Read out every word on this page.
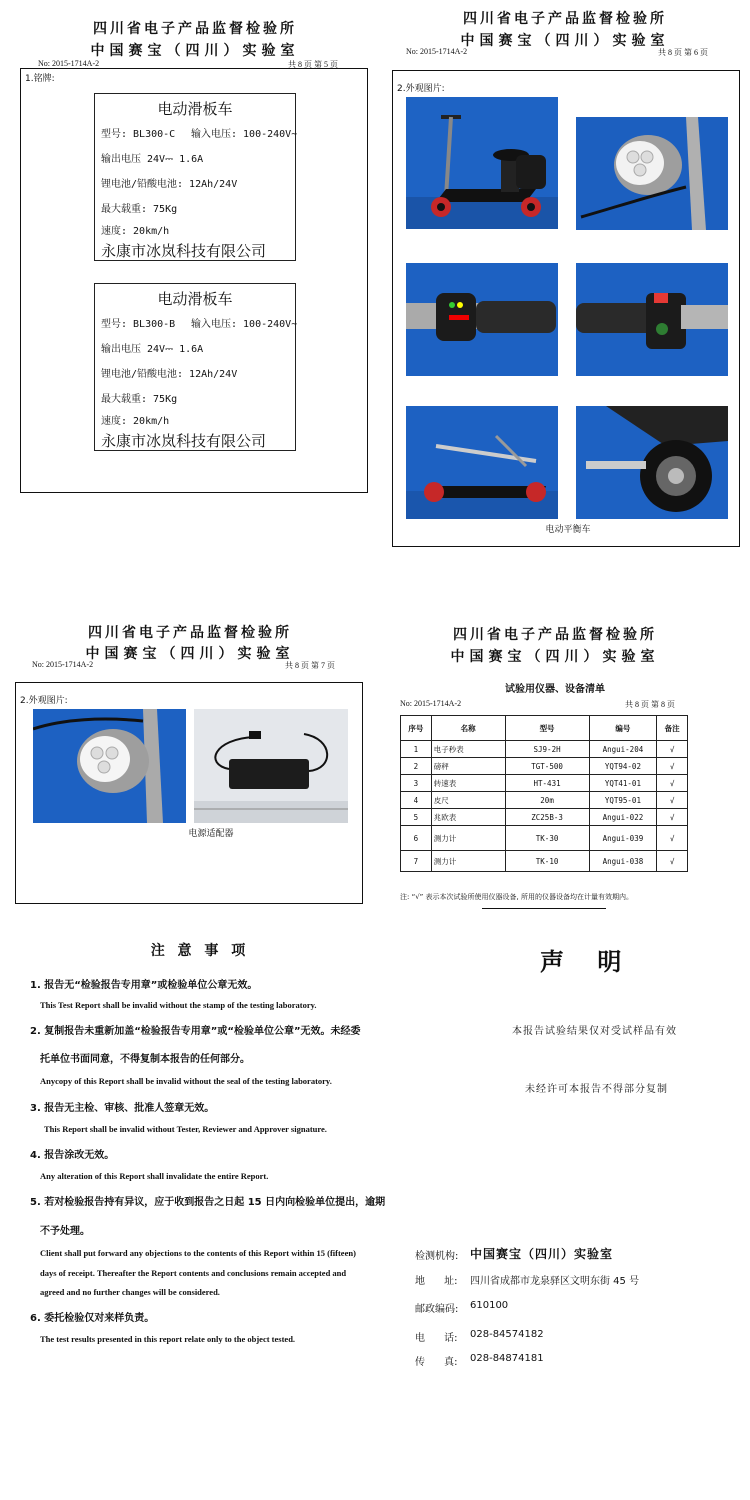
四川省电子产品监督检验所
中国赛宝（四川）实验室
No: 2015-1714A-2	共 8 页 第 5 页
1.铭牌:
电动滑板车
型号: BL300-C 输入电压: 100-240V~
输出电压 24V⎓ 1.6A
锂电池/铅酸电池: 12Ah/24V
最大载重: 75Kg
速度: 20km/h
永康市冰岚科技有限公司
电动滑板车
型号: BL300-B 输入电压: 100-240V~
输出电压 24V⎓ 1.6A
锂电池/铅酸电池: 12Ah/24V
最大载重: 75Kg
速度: 20km/h
永康市冰岚科技有限公司
四川省电子产品监督检验所
中国赛宝（四川）实验室
No: 2015-1714A-2	共 8 页 第 6 页
2.外观图片:
电动平衡车
四川省电子产品监督检验所
中国赛宝（四川）实验室
No: 2015-1714A-2	共 8 页 第 7 页
2.外观图片:
电源适配器
四川省电子产品监督检验所
中国赛宝（四川）实验室
试验用仪器、设备清单
No: 2015-1714A-2	共 8 页 第 8 页
序号	名称	型号	编号	备注
1	电子秒表	SJ9-2H	Angui-204	√
2	磅秤	TGT-500	YQT94-02	√
3	转速表	HT-431	YQT41-01	√
4	皮尺	20m	YQT95-01	√
5	兆欧表	ZC25B-3	Angui-022	√
6	测力计	TK-30	Angui-039	√
7	测力计	TK-10	Angui-038	√
注: “√” 表示本次试验所使用仪器设备, 所用的仪器设备均在计量有效期内。
注 意 事 项
1. 报告无“检验报告专用章”或检验单位公章无效。
This Test Report shall be invalid without the stamp of the testing laboratory.
2. 复制报告未重新加盖“检验报告专用章”或“检验单位公章”无效。未经委
托单位书面同意，不得复制本报告的任何部分。
Anycopy of this Report shall be invalid without the seal of the testing laboratory.
3. 报告无主检、审核、批准人签章无效。
This Report shall be invalid without Tester, Reviewer and Approver signature.
4. 报告涂改无效。
Any alteration of this Report shall invalidate the entire Report.
5. 若对检验报告持有异议，应于收到报告之日起 15 日内向检验单位提出，逾期
不予处理。
Client shall put forward any objections to the contents of this Report within 15 (fifteen)
days of receipt. Thereafter the Report contents and conclusions remain accepted and
agreed and no further changes will be considered.
6. 委托检验仅对来样负责。
The test results presented in this report relate only to the object tested.
声    明
本报告试验结果仅对受试样品有效
未经许可本报告不得部分复制
检测机构: 中国赛宝（四川）实验室
地      址: 四川省成都市龙泉驿区文明东街 45 号
邮政编码: 610100
电      话: 028-84574182
传      真: 028-84874181
